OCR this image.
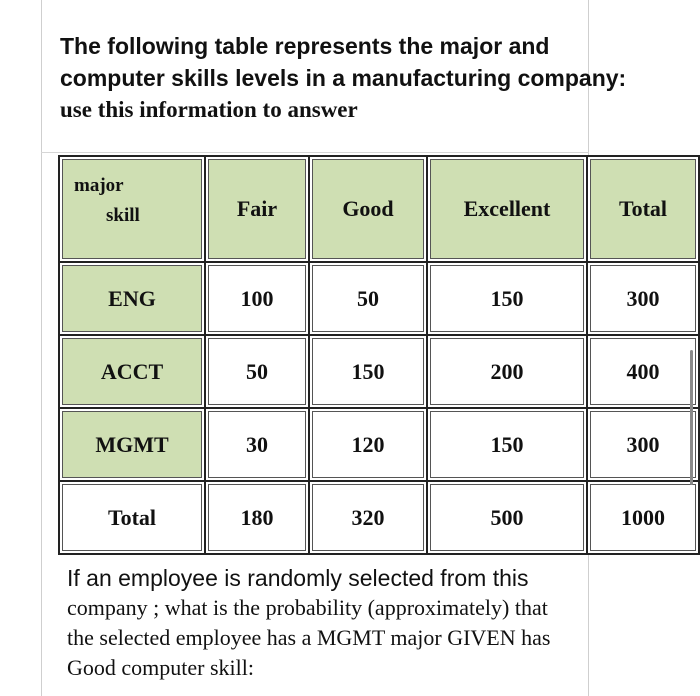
The following table represents the major and
computer skills levels in a manufacturing company:
use this information to answer
major
skill	Fair	Good	Excellent	Total
ENG	100	50	150	300
ACCT	50	150	200	400
MGMT	30	120	150	300
Total	180	320	500	1000
If an employee is randomly selected from this
company ; what is the probability (approximately) that
the selected employee has a MGMT major GIVEN has
Good computer skill:
